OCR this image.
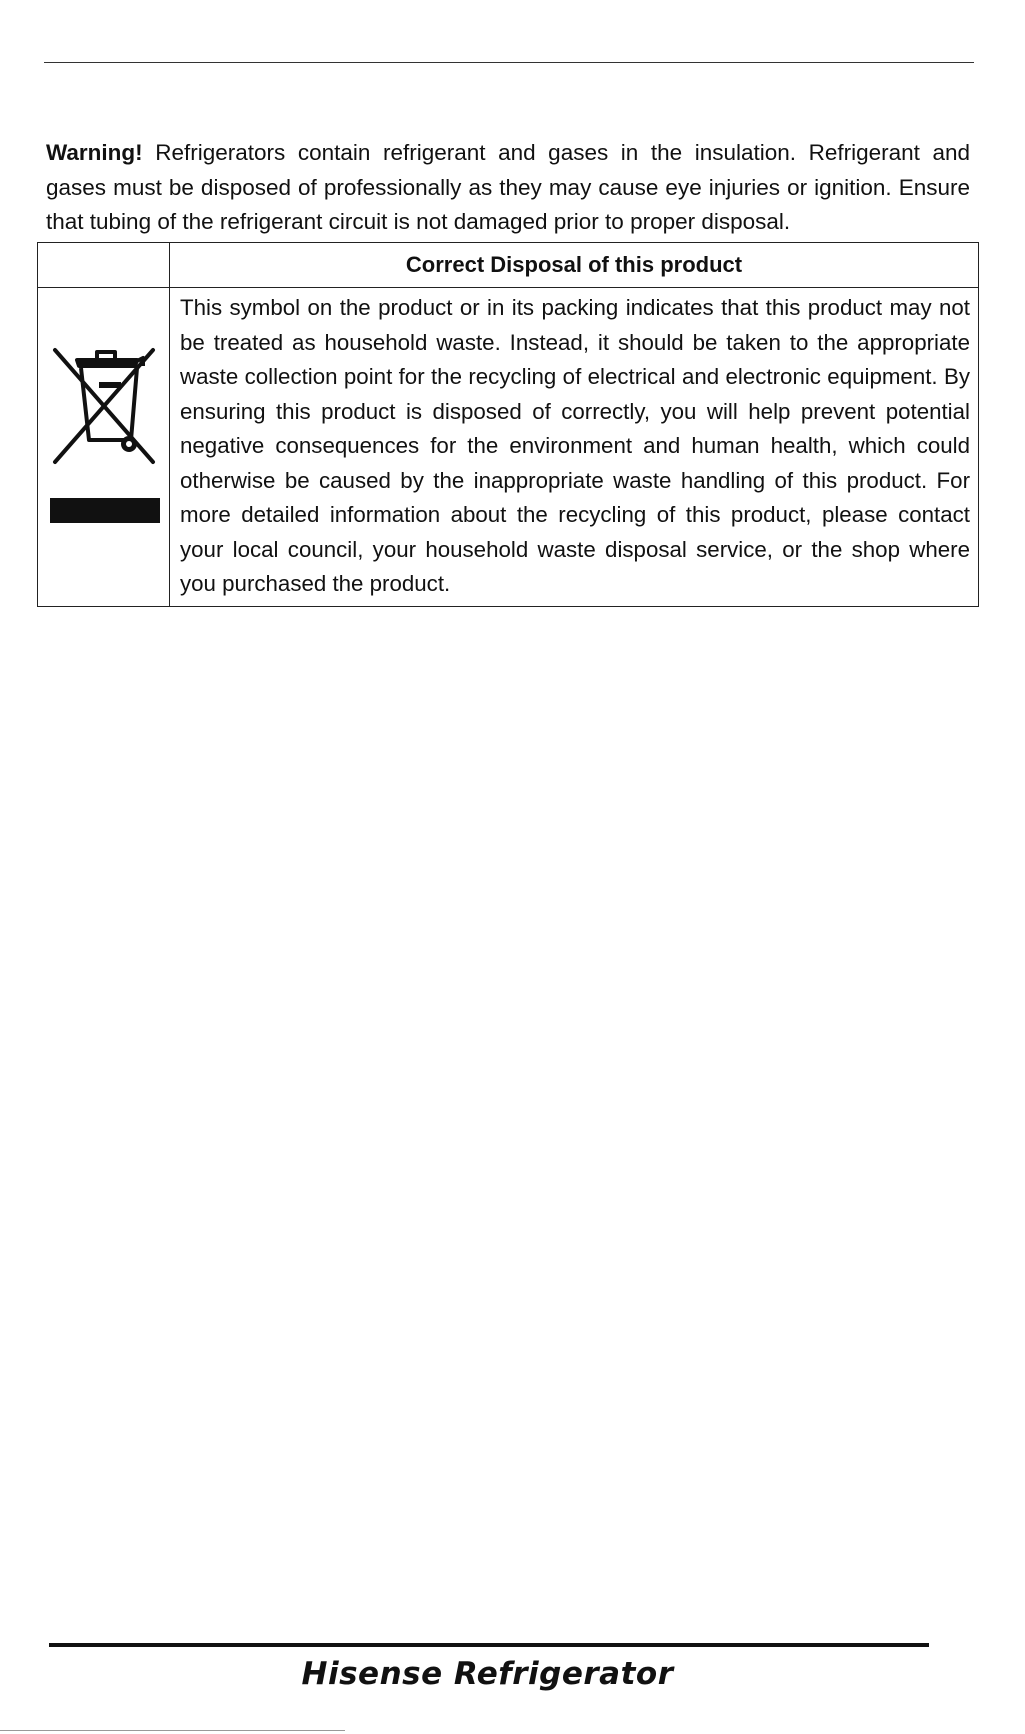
Warning! Refrigerators contain refrigerant and gases in the insulation. Refrigerant and gases must be disposed of professionally as they may cause eye injuries or ignition. Ensure that tubing of the refrigerant circuit is not damaged prior to proper disposal.

	Correct Disposal of this product

	This symbol on the product or in its packing indicates that this product may not be treated as household waste. Instead, it should be taken to the appropriate waste collection point for the recycling of electrical and electronic equipment. By ensuring this product is disposed of correctly, you will help prevent potential negative consequences for the environment and human health, which could otherwise be caused by the inappropriate waste handling of this product. For more detailed information about the recycling of this product, please contact your local council, your household waste disposal service, or the shop where you purchased the product.
Hisense Refrigerator
